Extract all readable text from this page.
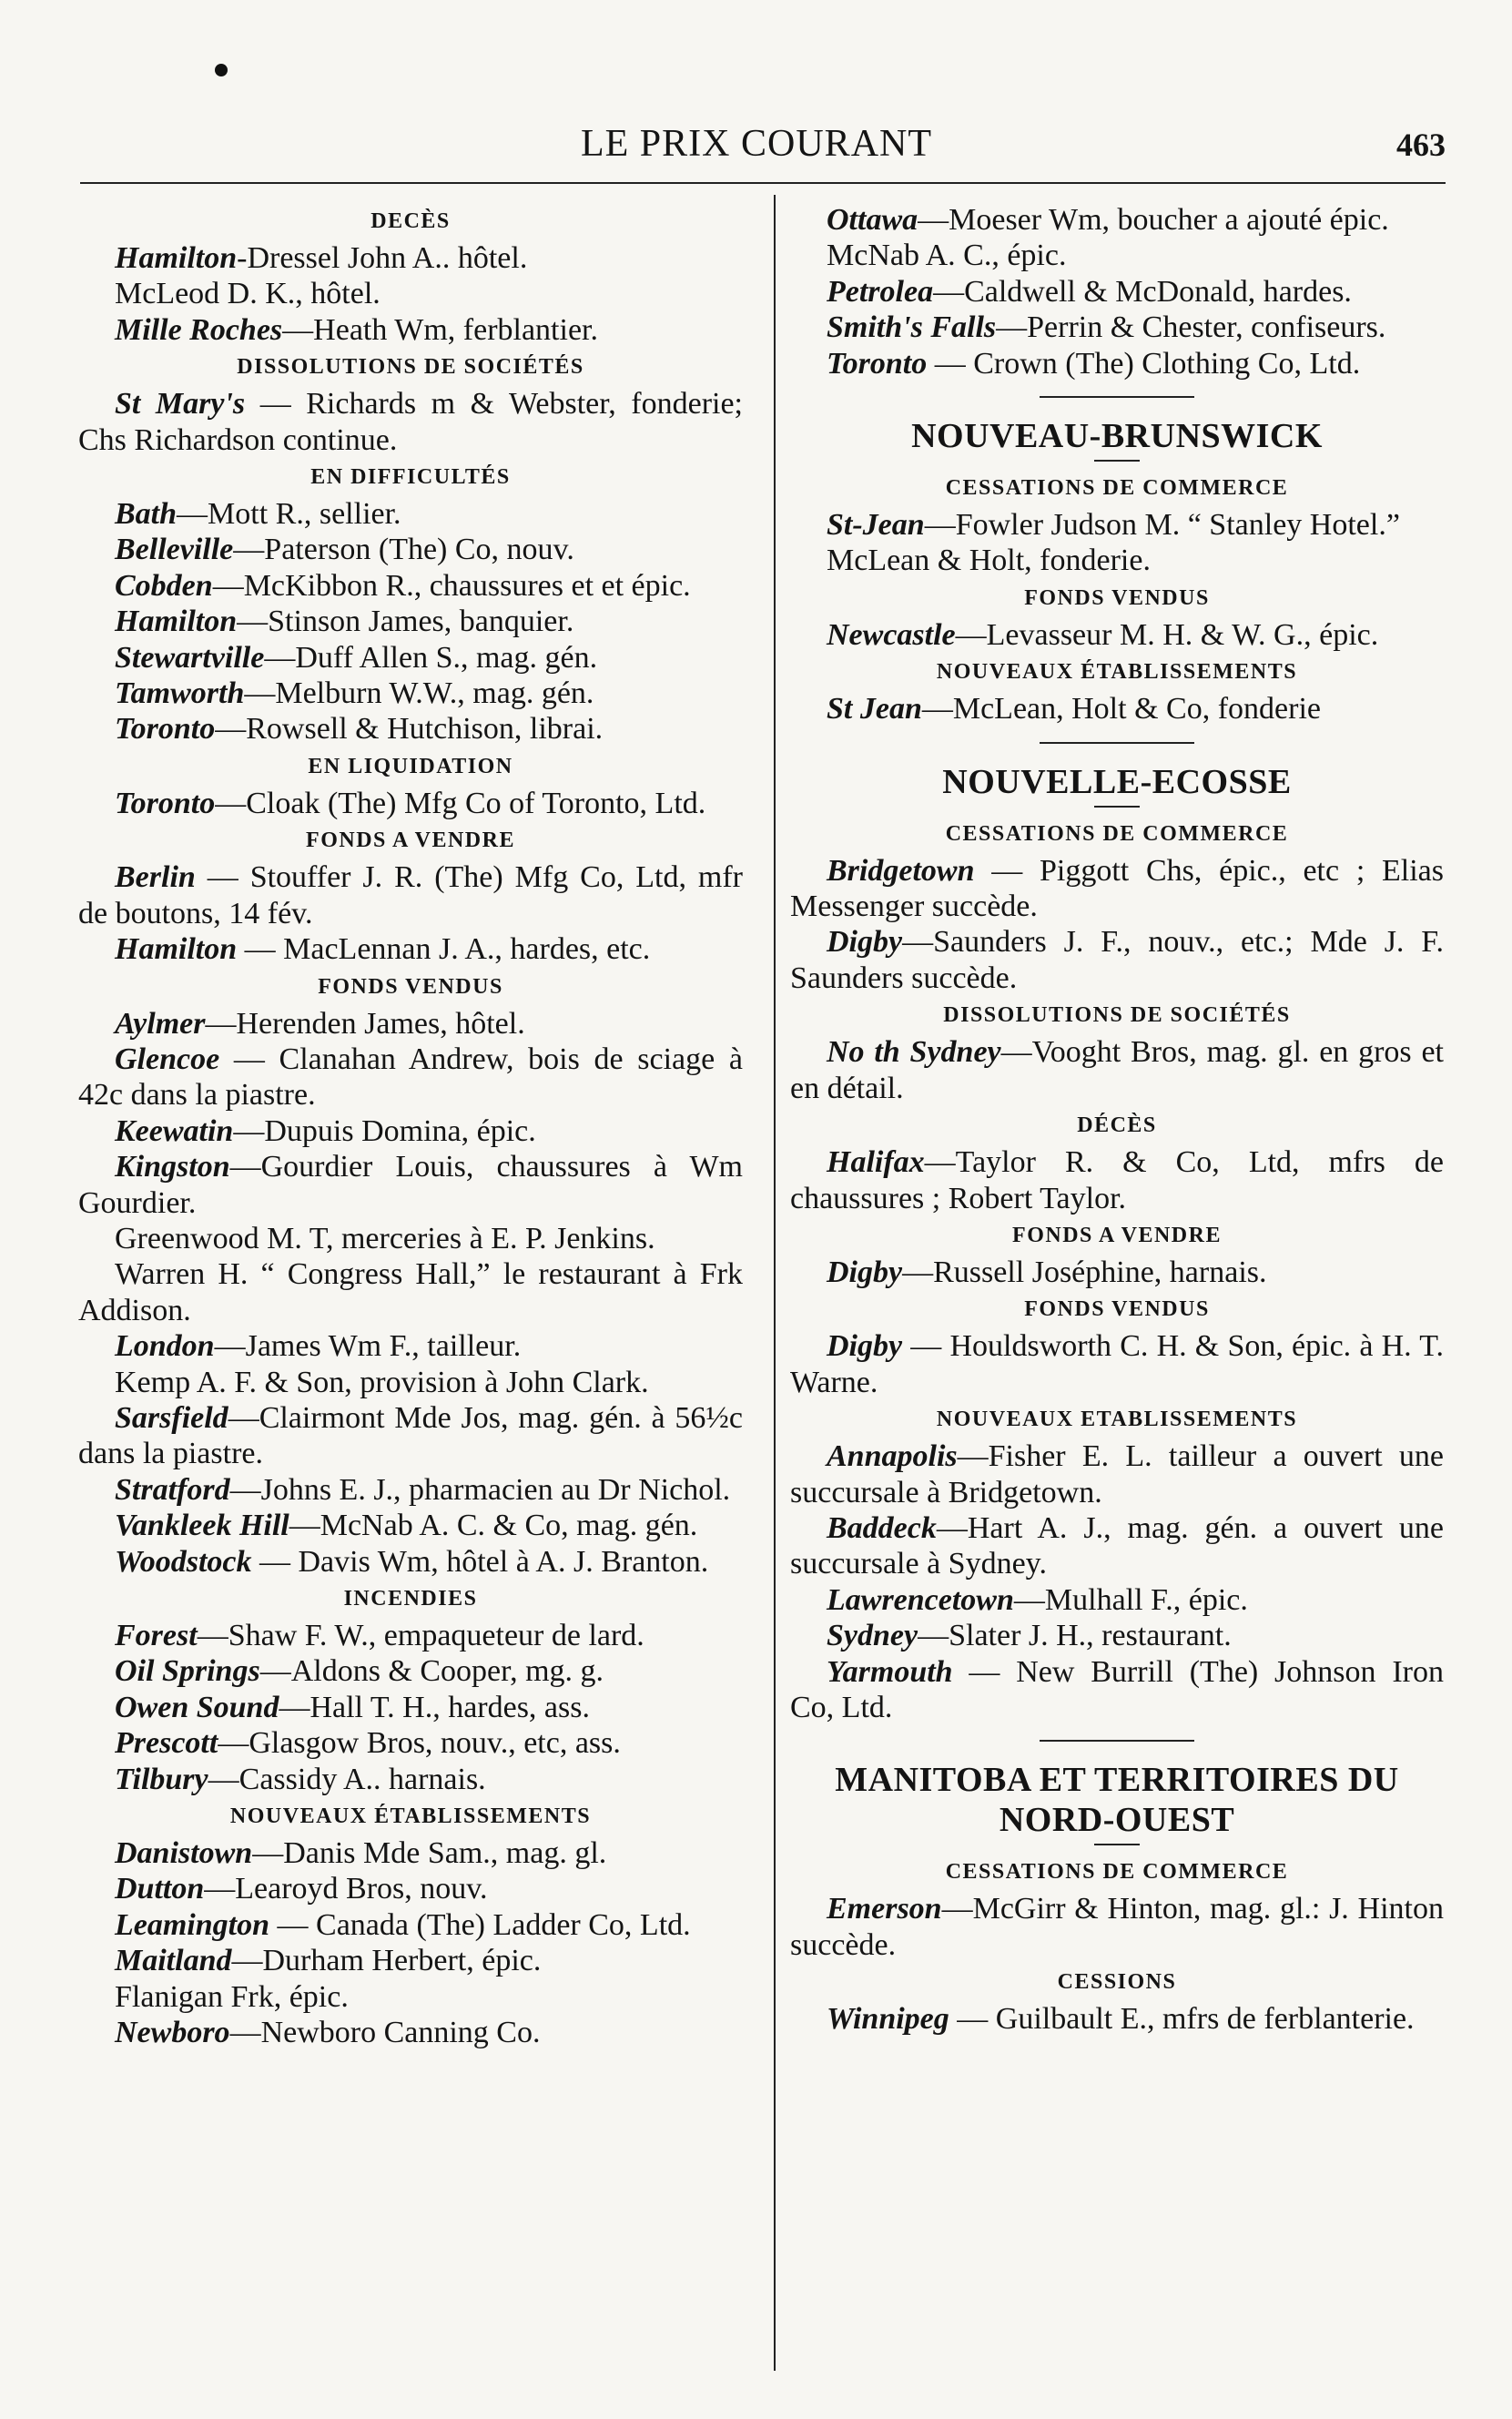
LE PRIX COURANT	463
DECÈS
Hamilton-Dressel John A.. hôtel.
McLeod D. K., hôtel.
Mille Roches—Heath Wm, ferblantier.
DISSOLUTIONS DE SOCIÉTÉS
St Mary's — Richards m & Webster, fonderie; Chs Richardson continue.
EN DIFFICULTÉS
Bath—Mott R., sellier.
Belleville—Paterson (The) Co, nouv.
Cobden—McKibbon R., chaussures et et épic.
Hamilton—Stinson James, banquier.
Stewartville—Duff Allen S., mag. gén.
Tamworth—Melburn W.W., mag. gén.
Toronto—Rowsell & Hutchison, librai.
EN LIQUIDATION
Toronto—Cloak (The) Mfg Co of Toronto, Ltd.
FONDS A VENDRE
Berlin — Stouffer J. R. (The) Mfg Co, Ltd, mfr de boutons, 14 fév.
Hamilton — MacLennan J. A., hardes, etc.
FONDS VENDUS
Aylmer—Herenden James, hôtel.
Glencoe — Clanahan Andrew, bois de sciage à 42c dans la piastre.
Keewatin—Dupuis Domina, épic.
Kingston—Gourdier Louis, chaussures à Wm Gourdier.
Greenwood M. T, merceries à E. P. Jenkins.
Warren H. “ Congress Hall,” le restaurant à Frk Addison.
London—James Wm F., tailleur.
Kemp A. F. & Son, provision à John Clark.
Sarsfield—Clairmont Mde Jos, mag. gén. à 56½c dans la piastre.
Stratford—Johns E. J., pharmacien au Dr Nichol.
Vankleek Hill—McNab A. C. & Co, mag. gén.
Woodstock — Davis Wm, hôtel à A. J. Branton.
INCENDIES
Forest—Shaw F. W., empaqueteur de lard.
Oil Springs—Aldons & Cooper, mg. g.
Owen Sound—Hall T. H., hardes, ass.
Prescott—Glasgow Bros, nouv., etc, ass.
Tilbury—Cassidy A.. harnais.
NOUVEAUX ÉTABLISSEMENTS
Danistown—Danis Mde Sam., mag. gl.
Dutton—Learoyd Bros, nouv.
Leamington — Canada (The) Ladder Co, Ltd.
Maitland—Durham Herbert, épic.
Flanigan Frk, épic.
Newboro—Newboro Canning Co.
Ottawa—Moeser Wm, boucher a ajouté épic.
McNab A. C., épic.
Petrolea—Caldwell & McDonald, hardes.
Smith's Falls—Perrin & Chester, confiseurs.
Toronto — Crown (The) Clothing Co, Ltd.
NOUVEAU-BRUNSWICK
CESSATIONS DE COMMERCE
St-Jean—Fowler Judson M. “ Stanley Hotel.”
McLean & Holt, fonderie.
FONDS VENDUS
Newcastle—Levasseur M. H. & W. G., épic.
NOUVEAUX ÉTABLISSEMENTS
St Jean—McLean, Holt & Co, fonderie
NOUVELLE-ECOSSE
CESSATIONS DE COMMERCE
Bridgetown — Piggott Chs, épic., etc ; Elias Messenger succède.
Digby—Saunders J. F., nouv., etc.; Mde J. F. Saunders succède.
DISSOLUTIONS DE SOCIÉTÉS
No th Sydney—Vooght Bros, mag. gl. en gros et en détail.
DÉCÈS
Halifax—Taylor R. & Co, Ltd, mfrs de chaussures ; Robert Taylor.
FONDS A VENDRE
Digby—Russell Joséphine, harnais.
FONDS VENDUS
Digby — Houldsworth C. H. & Son, épic. à H. T. Warne.
NOUVEAUX ETABLISSEMENTS
Annapolis—Fisher E. L. tailleur a ouvert une succursale à Bridgetown.
Baddeck—Hart A. J., mag. gén. a ouvert une succursale à Sydney.
Lawrencetown—Mulhall F., épic.
Sydney—Slater J. H., restaurant.
Yarmouth — New Burrill (The) Johnson Iron Co, Ltd.
MANITOBA ET TERRITOIRES DU NORD-OUEST
CESSATIONS DE COMMERCE
Emerson—McGirr & Hinton, mag. gl.: J. Hinton succède.
CESSIONS
Winnipeg — Guilbault E., mfrs de ferblanterie.
